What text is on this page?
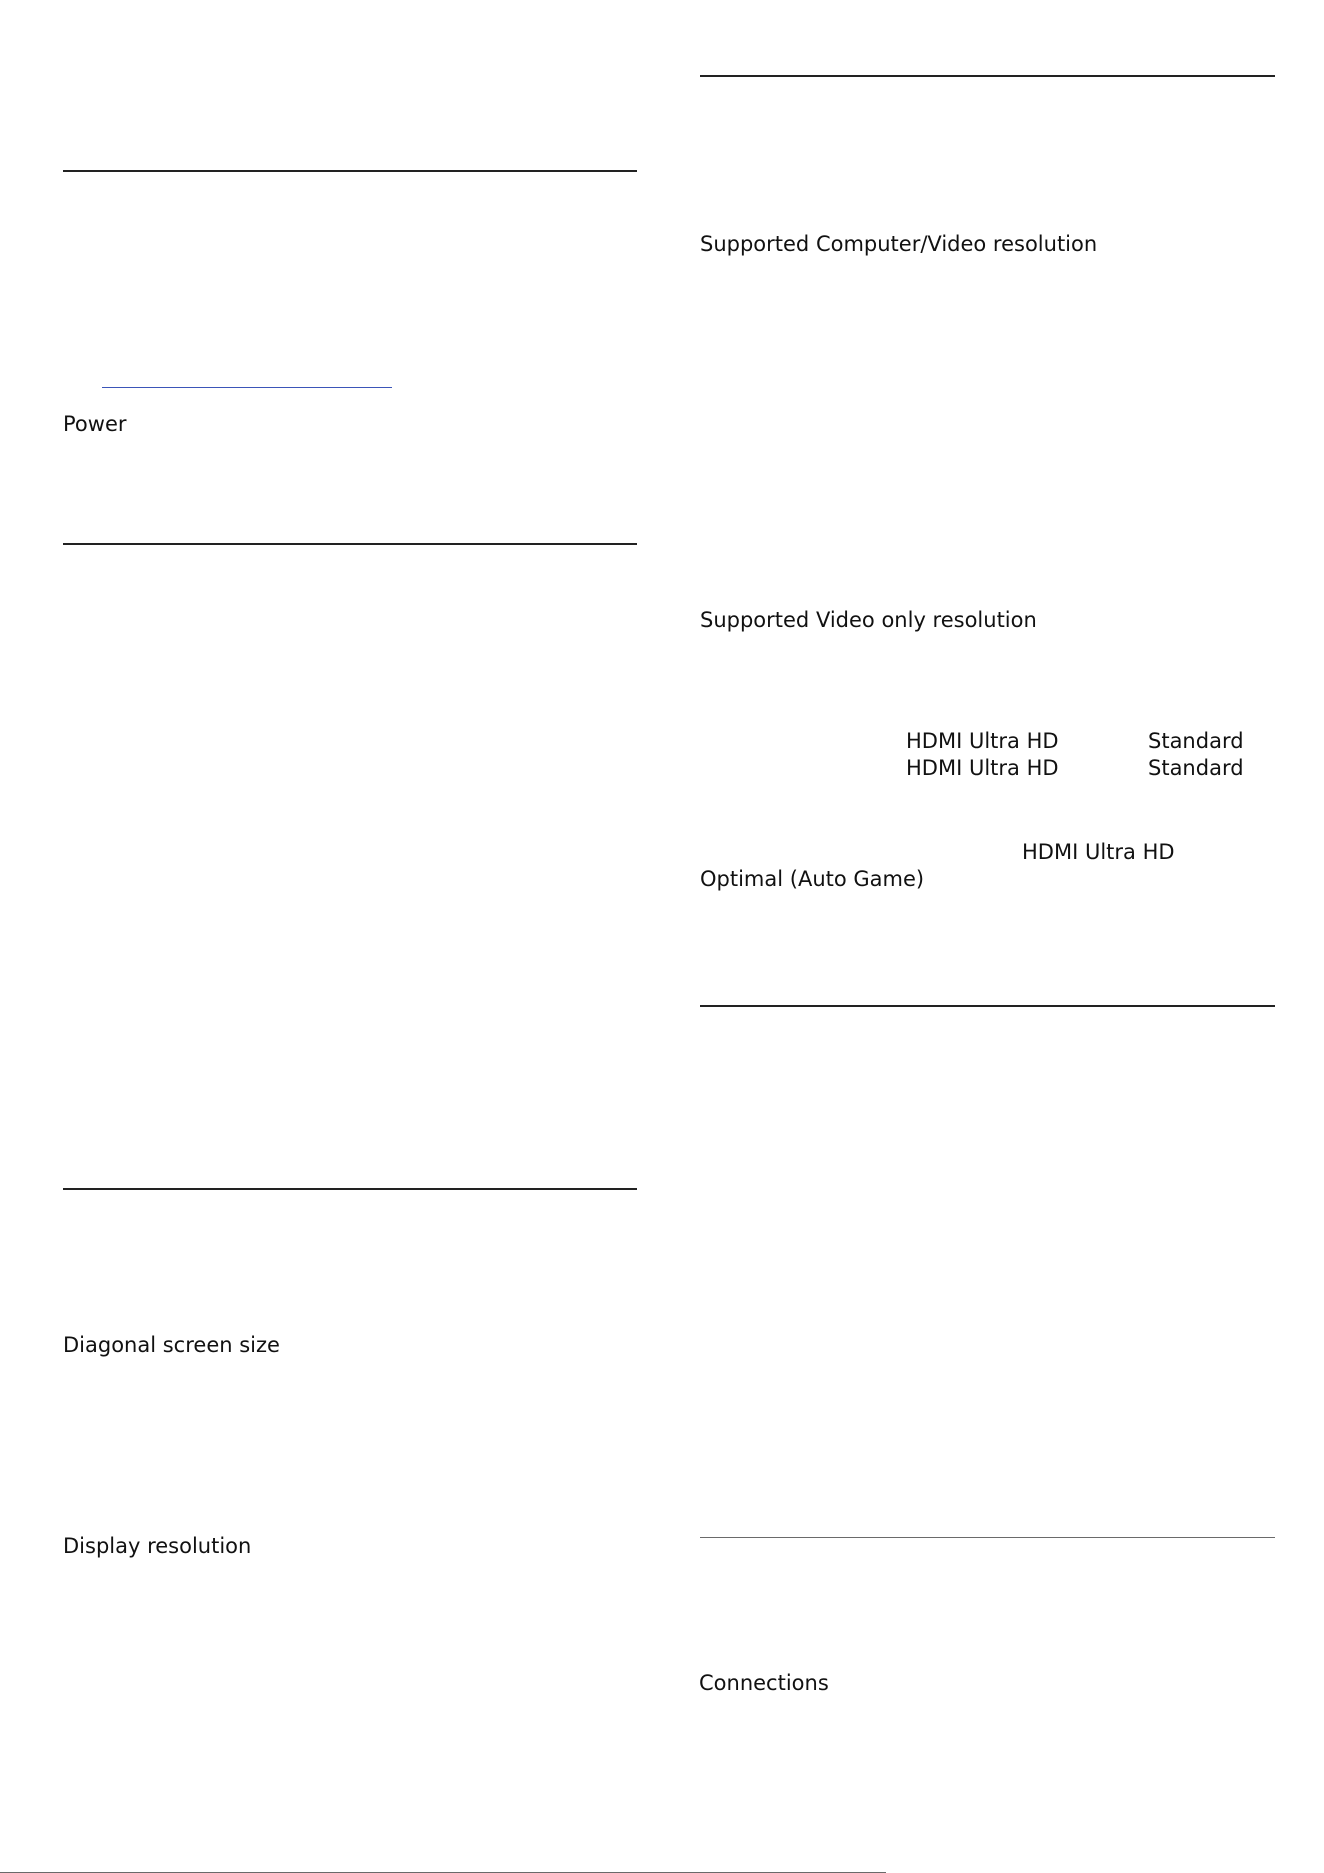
Power
Diagonal screen size
Display resolution
Supported Computer/Video resolution
Supported Video only resolution
HDMI Ultra HD	Standard
HDMI Ultra HD	Standard
HDMI Ultra HD
Optimal (Auto Game)
Connections
